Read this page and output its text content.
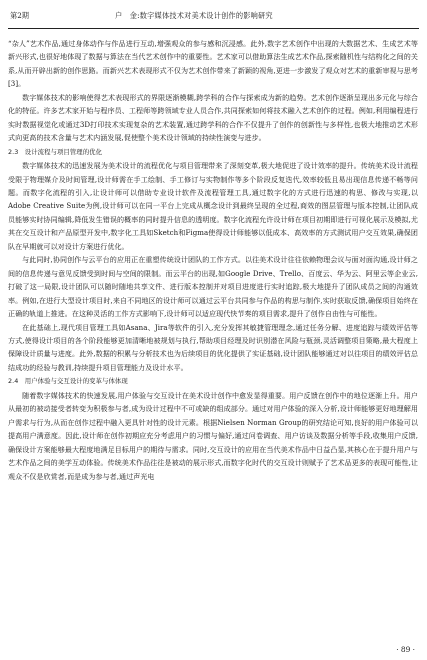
第2期	户　金:数字媒体技术对美术设计创作的影响研究

“杂人”艺术作品,通过身体动作与作品进行互动,增强观众的参与感和沉浸感。此外,数字艺术创作中出现的大数据艺术、生成艺术等新兴形式,也很好地体现了数据与算法在当代艺术创作中的重要性。艺术家可以借助算法生成艺术作品,探索随机性与结构化之间的关系,从而开辟出新的创作思路。而新兴艺术表现形式不仅为艺术创作带来了新颖的视角,更进一步激发了观众对艺术的重新审视与思考[3]。

数字媒体技术的影响使得艺术表现形式的界限逐渐模糊,跨学科的合作与探索成为新的趋势。艺术创作逐渐呈现出多元化与综合化的特征。许多艺术家开始与程序员、工程师等跨领域专业人员合作,共同探索如何将技术融入艺术创作的过程。例如,利用编程进行实时数据视觉化或通过3D打印技术实现复杂的艺术装置,通过跨学科的合作不仅提升了创作的创新性与多样性,也极大地推动艺术形式向更高的技术含量与艺术内涵发展,促使整个美术设计领域的持续性演变与进步。

2.3　设计流程与项目管理的优化

数字媒体技术的迅速发展为美术设计的流程优化与项目管理带来了深刻变革,极大地促进了设计效率的提升。传统美术设计流程受限于物理媒介及时间管理,设计师需在手工绘制、手工修订与实物制作等多个阶段反复迭代,效率较低且易出现信息传递不畅等问题。而数字化流程的引入,让设计师可以借助专业设计软件及流程管理工具,通过数字化的方式进行迅速的构思、修改与实现,以Adobe Creative Suite为例,设计师可以在同一平台上完成从概念设计到最终呈现的全过程,商效的图层管理与版本控制,让团队成员能够实时协同编辑,降低发生错误的概率的同时提升信息的透明度。数字化流程允许设计师在项目初期即进行可视化展示及模拟,尤其在交互设计和产品原型开发中,数字化工具如Sketch和Figma使得设计师能够以低成本、高效率的方式测试用户交互效果,确保团队在早期就可以对设计方案进行优化。

与此同时,协同创作与云平台的应用正在重塑传统设计团队的工作方式。以往美术设计往往依赖物理会议与面对面沟通,设计师之间的信息传递与意见反馈受到时间与空间的限制。而云平台的出现,如Google Drive、Trello、百度云、华为云、阿里云等企业云,打破了这一局限,设计团队可以随时随地共享文件、进行版本控制并对项目进度进行实时追踪,极大地提升了团队成员之间的沟通效率。例如,在进行大型设计项目时,来自不同地区的设计师可以通过云平台共同参与作品的构思与制作,实时获取反馈,确保项目始终在正确的轨道上推进。在这种灵活的工作方式影响下,设计师可以适应现代快节奏的项目需求,提升了创作自由性与可能性。

在此基础上,现代项目管理工具如Asana、Jira等软件的引入,充分发挥其敏捷管理理念,通过任务分解、进度追踪与绩效评估等方式,使得设计项目的各个阶段能够更加清晰地被规划与执行,帮助项目经理及时识别潜在风险与瓶颈,灵活调整项目策略,最大程度上保障设计质量与进度。此外,数据的积累与分析技术也为后续项目的优化提供了实证基础,设计团队能够通过对以往项目的绩效评估总结成功的经验与教训,持续提升项目管理能力及设计水平。

2.4　用户体验与交互设计的变革与体体现

随着数字媒体技术的快速发展,用户体验与交互设计在美术设计创作中愈发显得重要。用户反馈在创作中的地位逐渐上升。用户从最初的被动接受者转变为积极参与者,成为设计过程中不可或缺的组成部分。通过对用户体验的深入分析,设计师能够更好地理解用户需求与行为,从而在创作过程中融入更具针对性的设计元素。根据Nielsen Norman Group的研究结论可知,良好的用户体验可以提高用户满意度。因此,设计师在创作初期应充分考虑用户的习惯与偏好,通过问卷调查、用户访谈及数据分析等手段,收集用户反馈,确保设计方案能够最大程度地满足目标用户的期待与需求。同时,交互设计的应用在当代美术作品中日益凸显,其核心在于提升用户与艺术作品之间的美学互动体验。传统美术作品往往是被动的展示形式,而数字化时代的交互设计则赋予了艺术品更多的表现可能性,让观众不仅是欣赏者,而是成为参与者,通过声光电

· 89 ·
